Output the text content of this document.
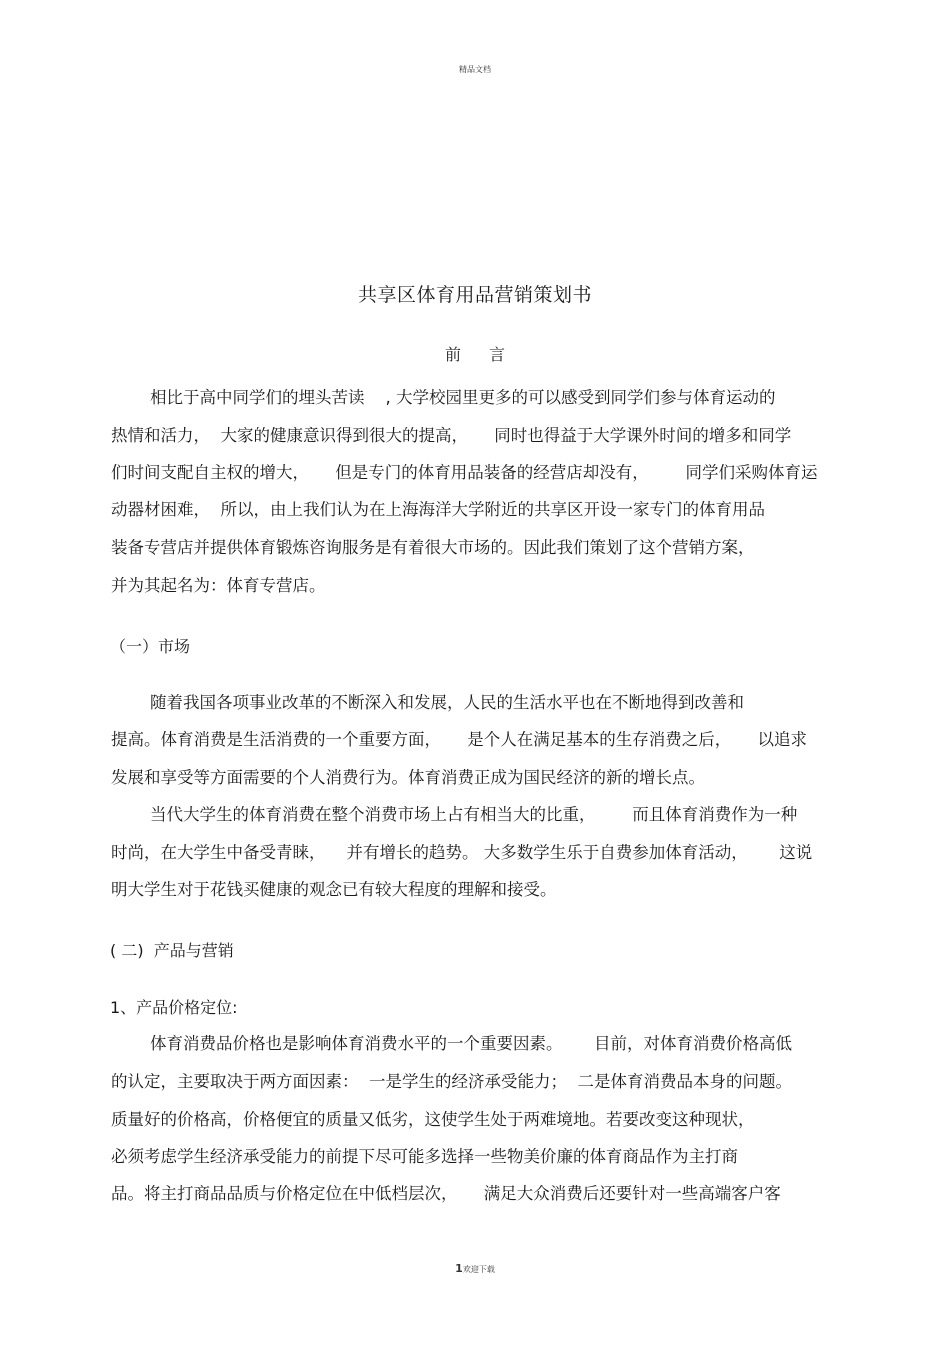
精品文档
共享区体育用品营销策划书
前 言
相比于高中同学们的埋头苦读    , 大学校园里更多的可以感受到同学们参与体育运动的
热情和活力，  大家的健康意识得到很大的提高，     同时也得益于大学课外时间的增多和同学
们时间支配自主权的增大，     但是专门的体育用品装备的经营店却没有，       同学们采购体育运
动器材困难，  所以，由上我们认为在上海海洋大学附近的共享区开设一家专门的体育用品
装备专营店并提供体育锻炼咨询服务是有着很大市场的。因此我们策划了这个营销方案，
并为其起名为：体育专营店。
（一）市场
随着我国各项事业改革的不断深入和发展，人民的生活水平也在不断地得到改善和
提高。体育消费是生活消费的一个重要方面，     是个人在满足基本的生存消费之后，     以追求
发展和享受等方面需要的个人消费行为。体育消费正成为国民经济的新的增长点。
当代大学生的体育消费在整个消费市场上占有相当大的比重，       而且体育消费作为一种
时尚，在大学生中备受青睐，    并有增长的趋势。 大多数学生乐于自费参加体育活动，      这说
明大学生对于花钱买健康的观念已有较大程度的理解和接受。
( 二)  产品与营销
1、产品价格定位:
体育消费品价格也是影响体育消费水平的一个重要因素。      目前，对体育消费价格高低
的认定，主要取决于两方面因素：  一是学生的经济承受能力；  二是体育消费品本身的问题。
质量好的价格高，价格便宜的质量又低劣，这使学生处于两难境地。若要改变这种现状，
必须考虑学生经济承受能力的前提下尽可能多选择一些物美价廉的体育商品作为主打商
品。将主打商品品质与价格定位在中低档层次，     满足大众消费后还要针对一些高端客户客
1欢迎下载
